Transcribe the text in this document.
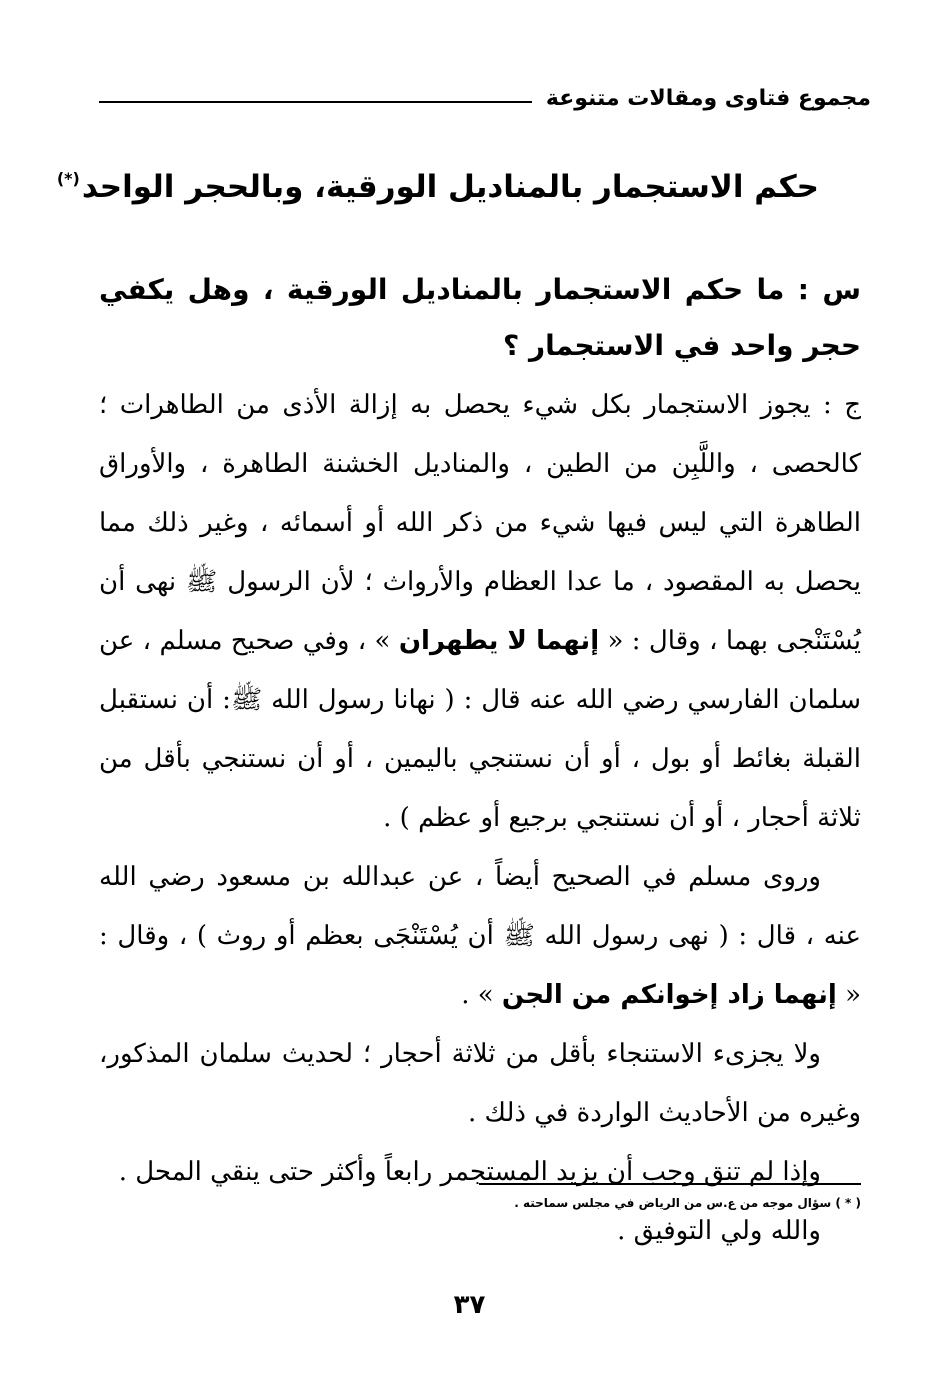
مجموع فتاوى ومقالات متنوعة
حكم الاستجمار بالمناديل الورقية، وبالحجر الواحد(*)

س : ما حكم الاستجمار بالمناديل الورقية ، وهل يكفي حجر واحد في الاستجمار ؟

ج : يجوز الاستجمار بكل شيء يحصل به إزالة الأذى من الطاهرات ؛ كالحصى ، واللَّبِن من الطين ، والمناديل الخشنة الطاهرة ، والأوراق الطاهرة التي ليس فيها شيء من ذكر الله أو أسمائه ، وغير ذلك مما يحصل به المقصود ، ما عدا العظام والأرواث ؛ لأن الرسول ﷺ نهى أن يُسْتَنْجى بهما ، وقال : « إنهما لا يطهران » ، وفي صحيح مسلم ، عن سلمان الفارسي رضي الله عنه قال : ( نهانا رسول الله ﷺ: أن نستقبل القبلة بغائط أو بول ، أو أن نستنجي باليمين ، أو أن نستنجي بأقل من ثلاثة أحجار ، أو أن نستنجي برجيع أو عظم ) .

وروى مسلم في الصحيح أيضاً ، عن عبدالله بن مسعود رضي الله عنه ، قال : ( نهى رسول الله ﷺ أن يُسْتَنْجَى بعظم أو روث ) ، وقال : « إنهما زاد إخوانكم من الجن » .

ولا يجزىء الاستنجاء بأقل من ثلاثة أحجار ؛ لحديث سلمان المذكور، وغيره من الأحاديث الواردة في ذلك .

وإذا لم تنق وجب أن يزيد المستجمر رابعاً وأكثر حتى ينقي المحل .

والله ولي التوفيق .

( * ) سؤال موجه من ع.س من الرياض في مجلس سماحته .
٣٧
